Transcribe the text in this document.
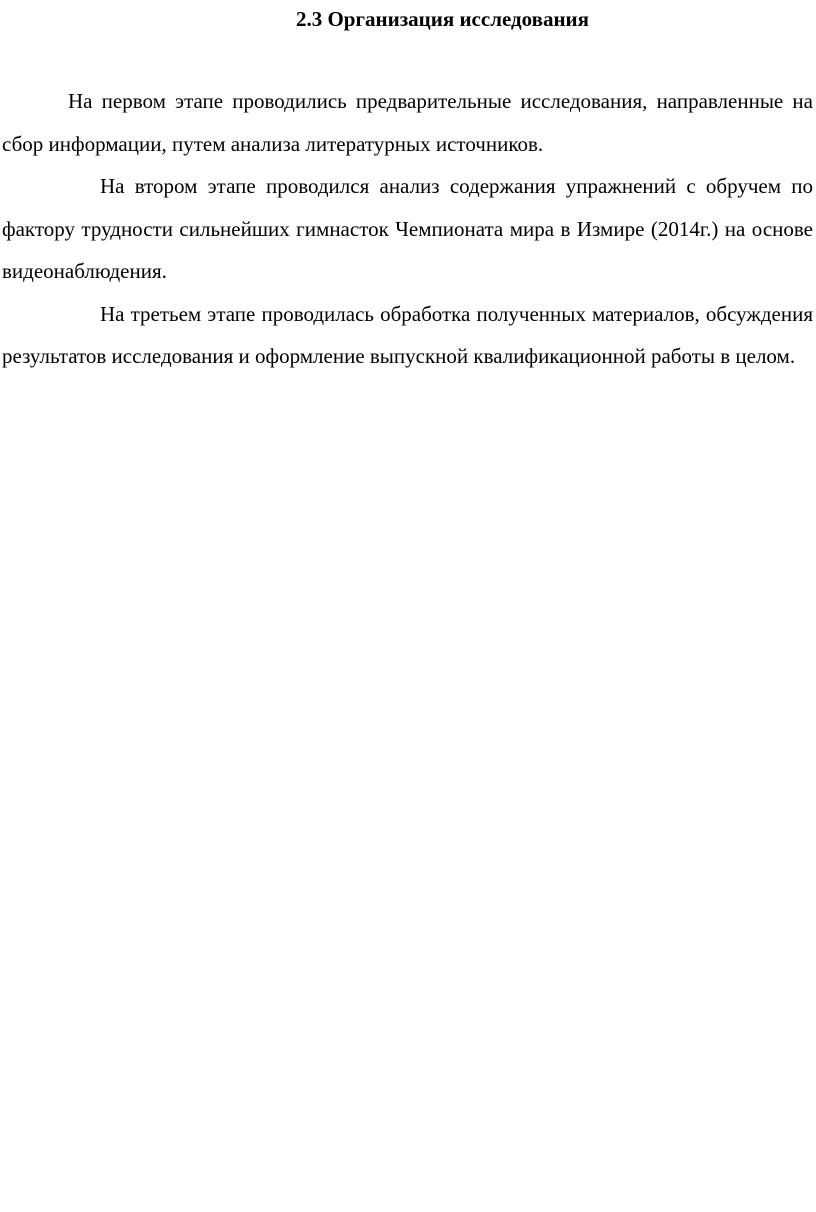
2.3 Организация исследования

На первом этапе проводились предварительные исследования, направленные на сбор информации, путем анализа литературных источников.

На втором этапе проводился анализ содержания упражнений с обручем по фактору трудности сильнейших гимнасток Чемпионата мира в Измире (2014г.) на основе видеонаблюдения.

На третьем этапе проводилась обработка полученных материалов, обсуждения результатов исследования и оформление выпускной квалификационной работы в целом.
